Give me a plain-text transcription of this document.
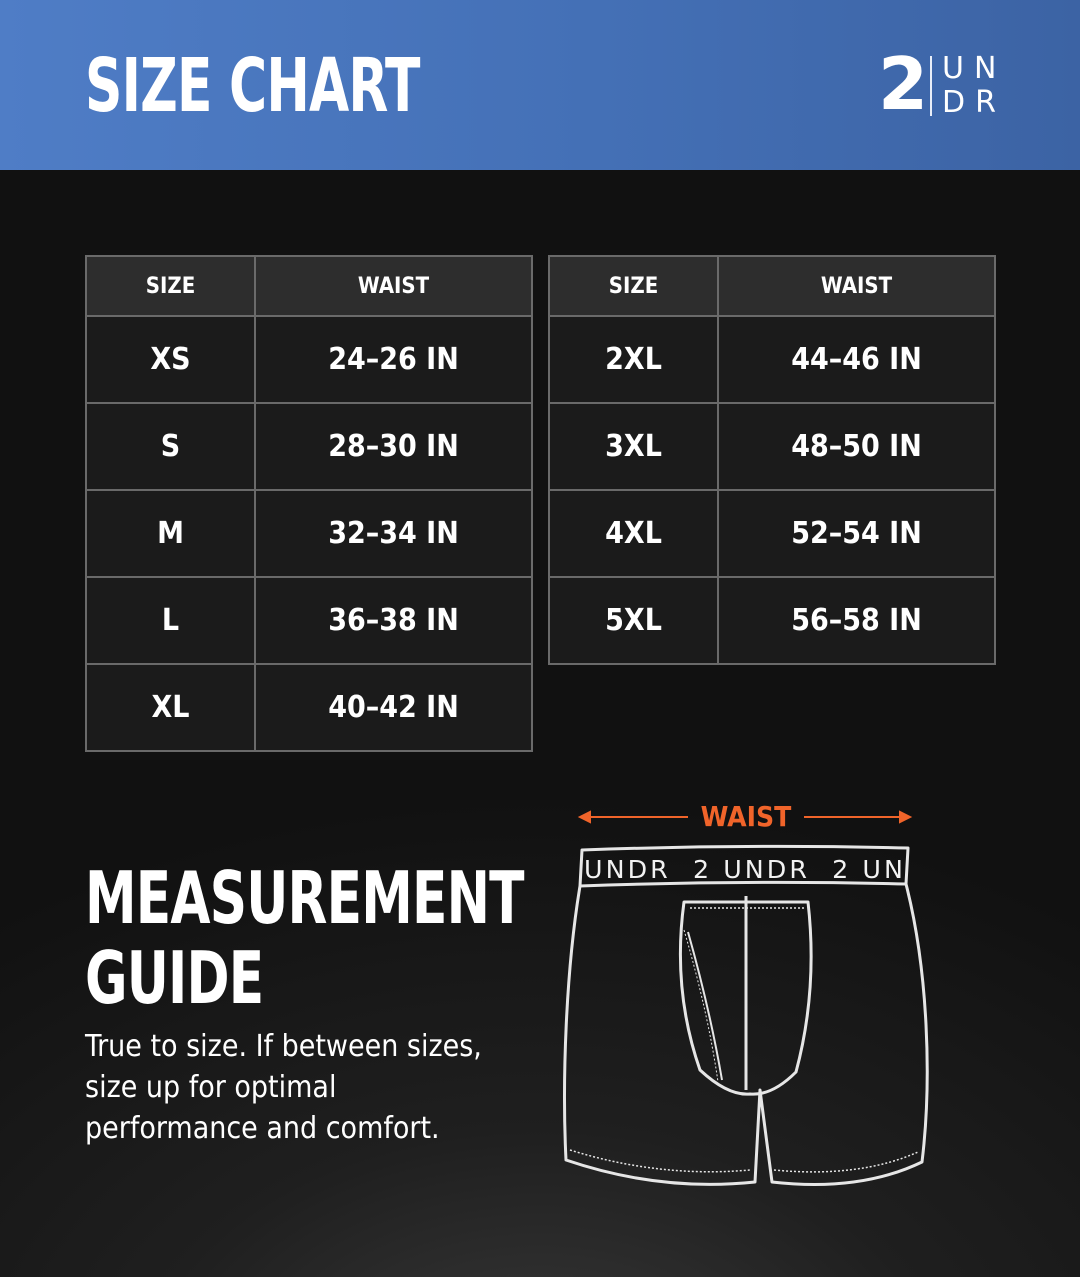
SIZE CHART	2 UN
DR
SIZE	WAIST
XS	24–26 IN
S	28–30 IN
M	32–34 IN
L	36–38 IN
XL	40–42 IN
SIZE	WAIST
2XL	44–46 IN
3XL	48–50 IN
4XL	52–54 IN
5XL	56–58 IN
MEASUREMENT GUIDE

True to size. If between sizes, size up for optimal performance and comfort.

WAIST
UNDR  2 UNDR  2 UN
